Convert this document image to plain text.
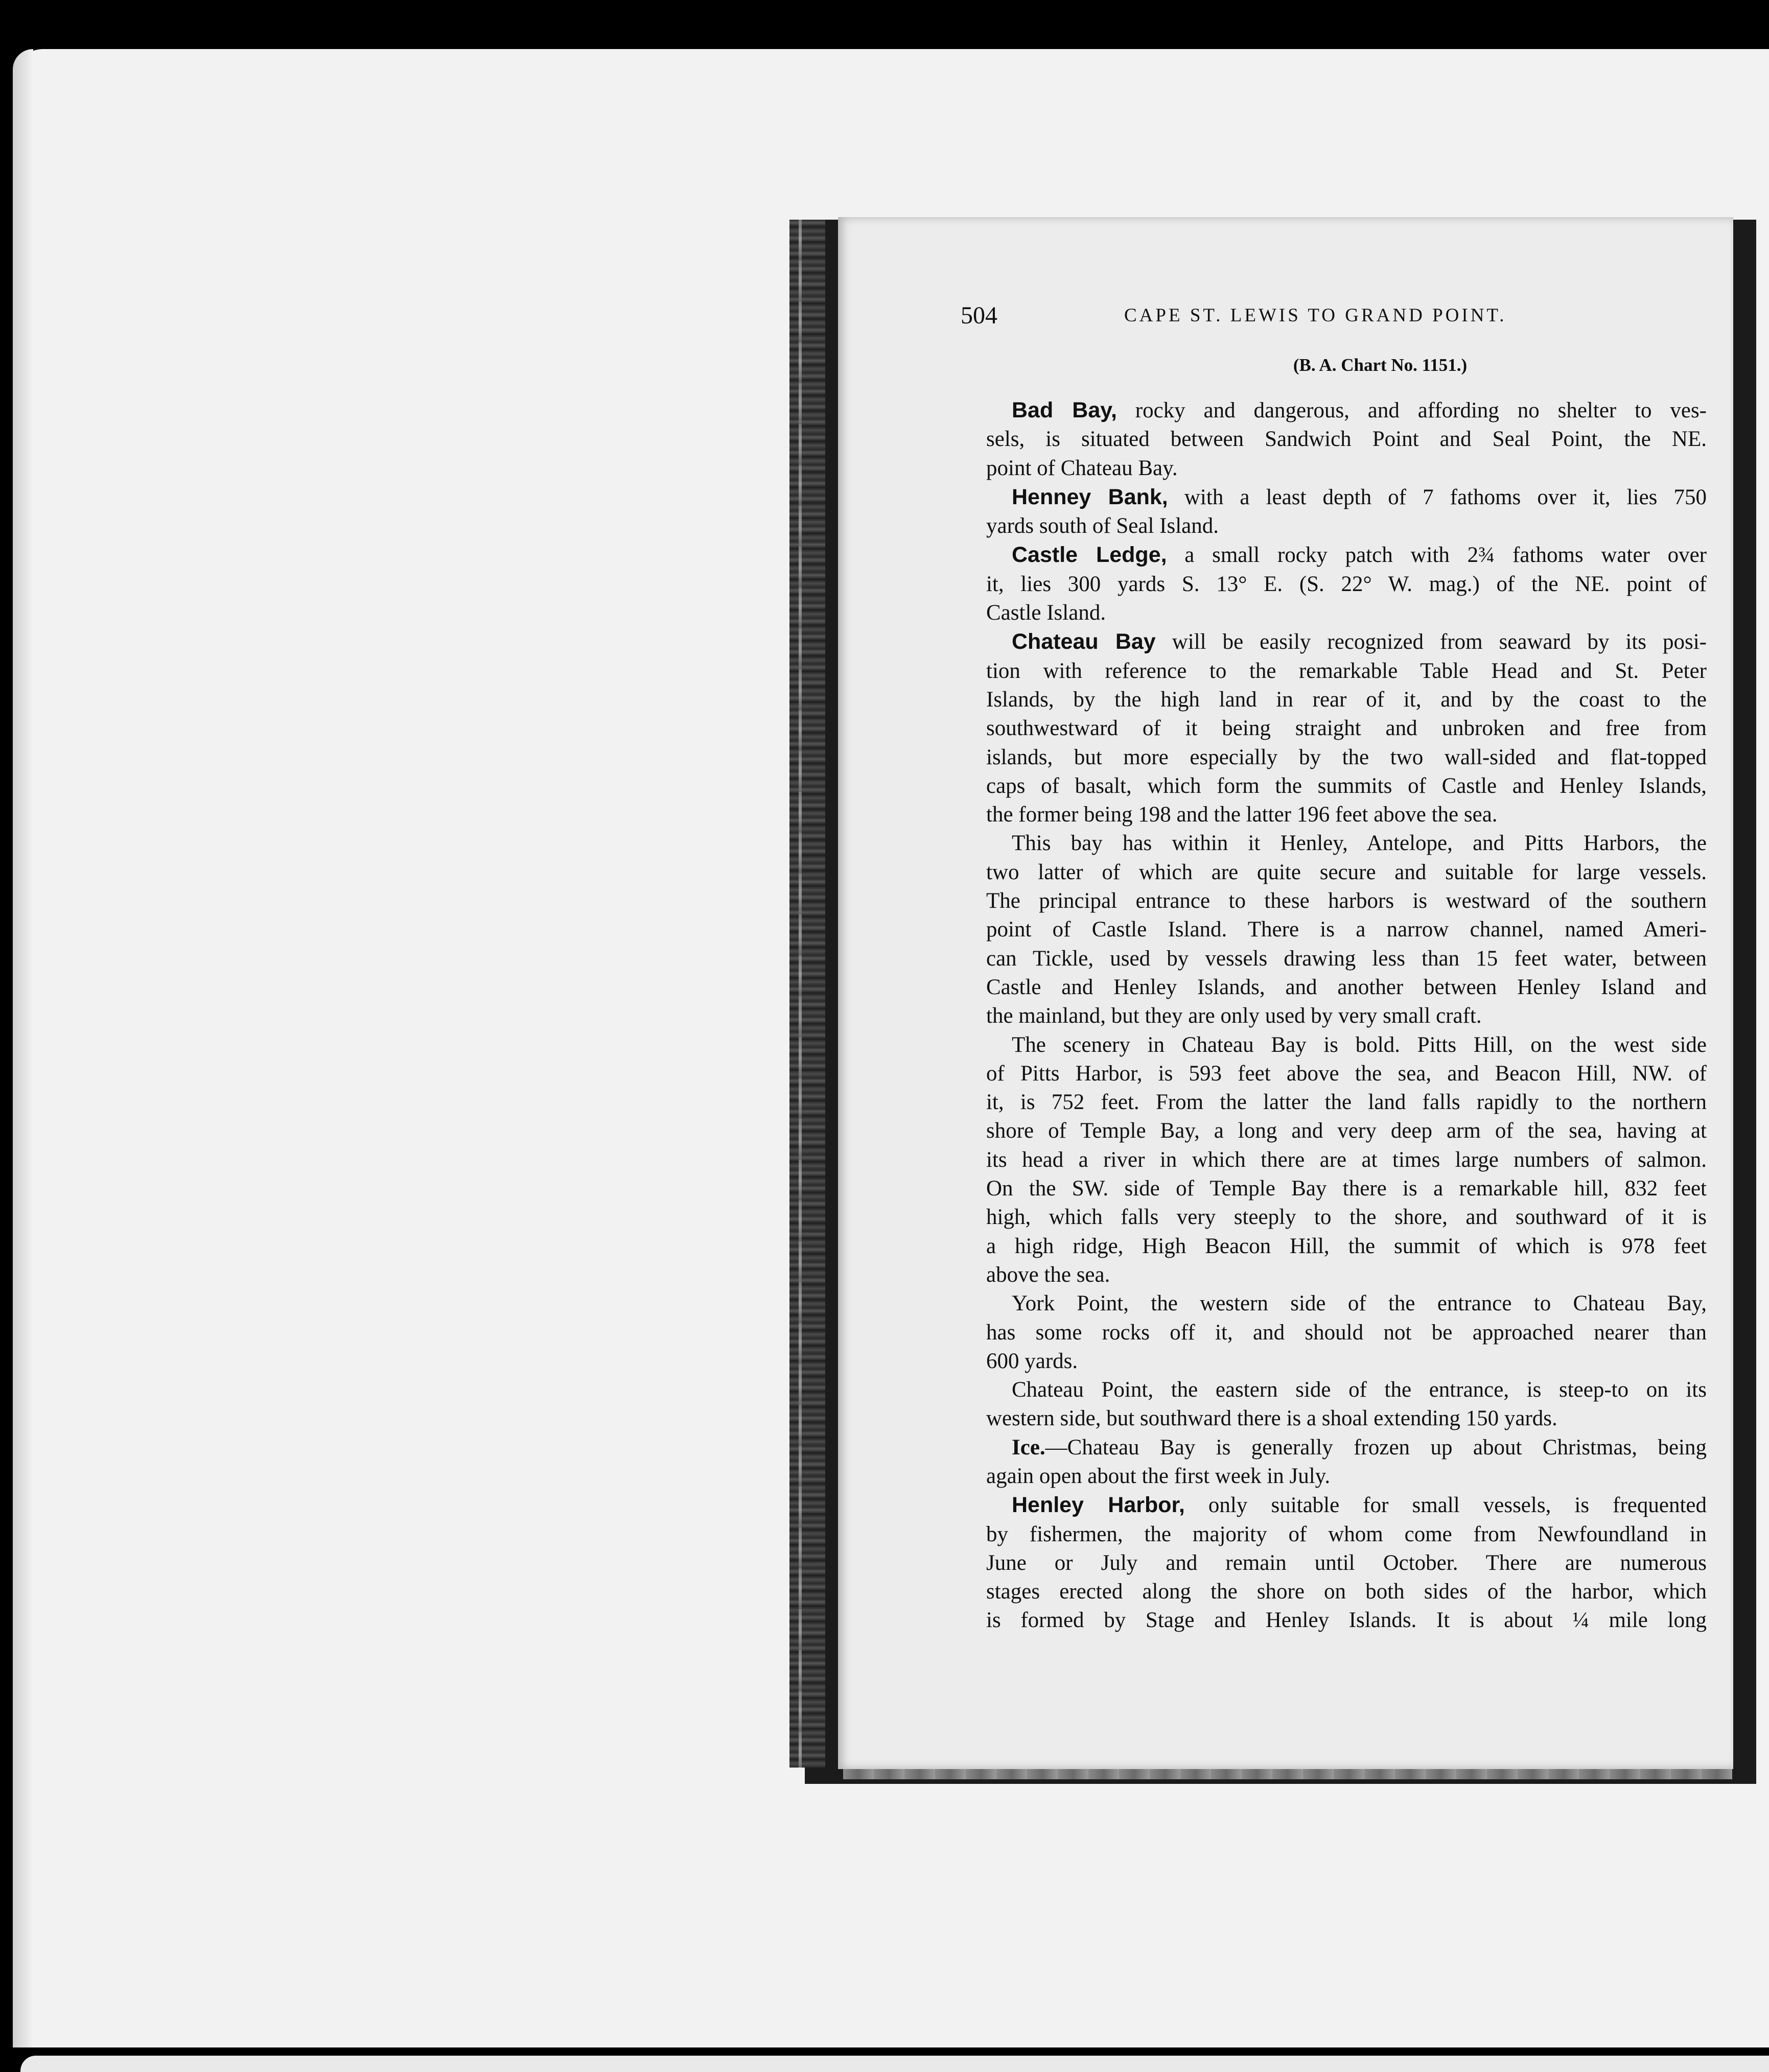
504	CAPE ST. LEWIS TO GRAND POINT.
(B. A. Chart No. 1151.)
Bad Bay, rocky and dangerous, and affording no shelter to ves-
sels, is situated between Sandwich Point and Seal Point, the NE.
point of Chateau Bay.
Henney Bank, with a least depth of 7 fathoms over it, lies 750
yards south of Seal Island.
Castle Ledge, a small rocky patch with 2¾ fathoms water over
it, lies 300 yards S. 13° E. (S. 22° W. mag.) of the NE. point of
Castle Island.
Chateau Bay will be easily recognized from seaward by its posi-
tion with reference to the remarkable Table Head and St. Peter
Islands, by the high land in rear of it, and by the coast to the
southwestward of it being straight and unbroken and free from
islands, but more especially by the two wall-sided and flat-topped
caps of basalt, which form the summits of Castle and Henley Islands,
the former being 198 and the latter 196 feet above the sea.
This bay has within it Henley, Antelope, and Pitts Harbors, the
two latter of which are quite secure and suitable for large vessels.
The principal entrance to these harbors is westward of the southern
point of Castle Island. There is a narrow channel, named Ameri-
can Tickle, used by vessels drawing less than 15 feet water, between
Castle and Henley Islands, and another between Henley Island and
the mainland, but they are only used by very small craft.
The scenery in Chateau Bay is bold. Pitts Hill, on the west side
of Pitts Harbor, is 593 feet above the sea, and Beacon Hill, NW. of
it, is 752 feet. From the latter the land falls rapidly to the northern
shore of Temple Bay, a long and very deep arm of the sea, having at
its head a river in which there are at times large numbers of salmon.
On the SW. side of Temple Bay there is a remarkable hill, 832 feet
high, which falls very steeply to the shore, and southward of it is
a high ridge, High Beacon Hill, the summit of which is 978 feet
above the sea.
York Point, the western side of the entrance to Chateau Bay,
has some rocks off it, and should not be approached nearer than
600 yards.
Chateau Point, the eastern side of the entrance, is steep-to on its
western side, but southward there is a shoal extending 150 yards.
Ice.—Chateau Bay is generally frozen up about Christmas, being
again open about the first week in July.
Henley Harbor, only suitable for small vessels, is frequented
by fishermen, the majority of whom come from Newfoundland in
June or July and remain until October. There are numerous
stages erected along the shore on both sides of the harbor, which
is formed by Stage and Henley Islands. It is about ¼ mile long
